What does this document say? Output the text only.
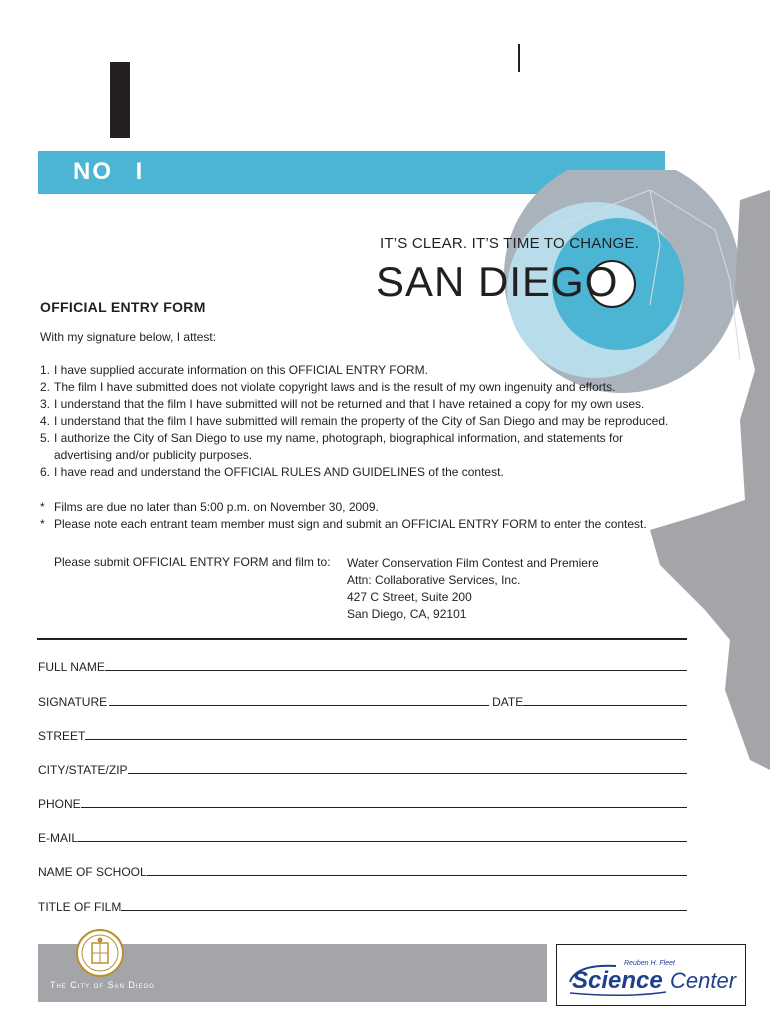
NO I
IT’S CLEAR. IT’S TIME TO CHANGE.
SAN DIEGO
OFFICIAL ENTRY FORM
With my signature below, I attest:
1. I have supplied accurate information on this OFFICIAL ENTRY FORM.
2. The film I have submitted does not violate copyright laws and is the result of my own ingenuity and efforts.
3. I understand that the film I have submitted will not be returned and that I have retained a copy for my own uses.
4. I understand that the film I have submitted will remain the property of the City of San Diego and may be reproduced.
5. I authorize the City of San Diego to use my name, photograph, biographical information, and statements for advertising and/or publicity purposes.
6. I have read and understand the OFFICIAL RULES AND GUIDELINES of the contest.
* Films are due no later than 5:00 p.m. on November 30, 2009.
* Please note each entrant team member must sign and submit an OFFICIAL ENTRY FORM to enter the contest.
Please submit OFFICIAL ENTRY FORM and film to: Water Conservation Film Contest and Premiere
Attn: Collaborative Services, Inc.
427 C Street, Suite 200
San Diego, CA, 92101
FULL NAME
SIGNATURE	DATE
STREET
CITY/STATE/ZIP
PHONE
E-MAIL
NAME OF SCHOOL
TITLE OF FILM
The City of San Diego
Reuben H. Fleet
Science Center
